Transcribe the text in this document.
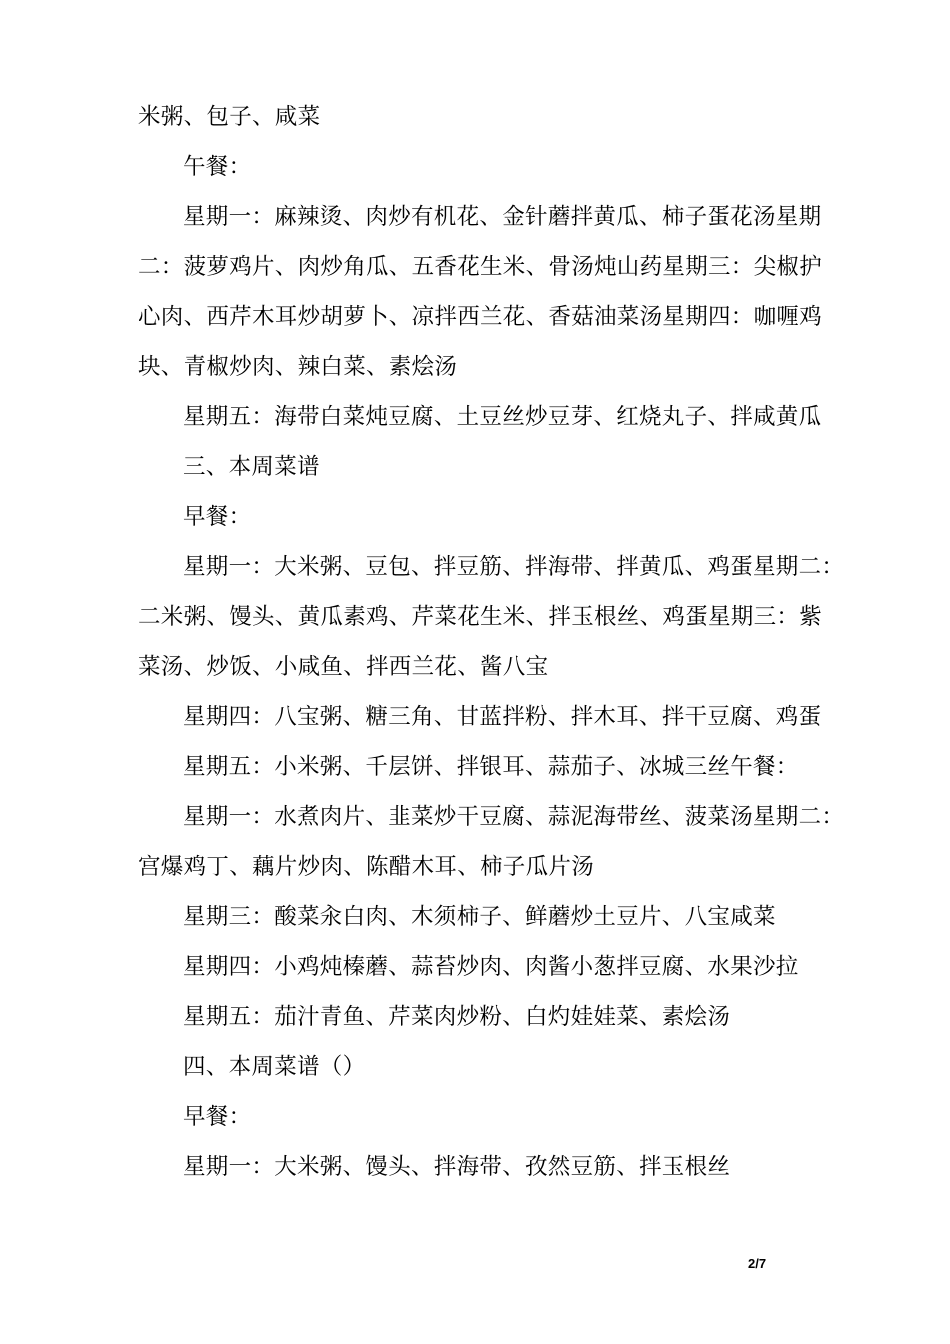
米粥、包子、咸菜
午餐：
星期一：麻辣烫、肉炒有机花、金针蘑拌黄瓜、柿子蛋花汤星期
二：菠萝鸡片、肉炒角瓜、五香花生米、骨汤炖山药星期三：尖椒护
心肉、西芹木耳炒胡萝卜、凉拌西兰花、香菇油菜汤星期四：咖喱鸡
块、青椒炒肉、辣白菜、素烩汤
星期五：海带白菜炖豆腐、土豆丝炒豆芽、红烧丸子、拌咸黄瓜
三、本周菜谱
早餐：
星期一：大米粥、豆包、拌豆筋、拌海带、拌黄瓜、鸡蛋星期二：
二米粥、馒头、黄瓜素鸡、芹菜花生米、拌玉根丝、鸡蛋星期三：紫
菜汤、炒饭、小咸鱼、拌西兰花、酱八宝
星期四：八宝粥、糖三角、甘蓝拌粉、拌木耳、拌干豆腐、鸡蛋
星期五：小米粥、千层饼、拌银耳、蒜茄子、冰城三丝午餐：
星期一：水煮肉片、韭菜炒干豆腐、蒜泥海带丝、菠菜汤星期二：
宫爆鸡丁、藕片炒肉、陈醋木耳、柿子瓜片汤
星期三：酸菜汆白肉、木须柿子、鲜蘑炒土豆片、八宝咸菜
星期四：小鸡炖榛蘑、蒜苔炒肉、肉酱小葱拌豆腐、水果沙拉
星期五：茄汁青鱼、芹菜肉炒粉、白灼娃娃菜、素烩汤
四、本周菜谱（）
早餐：
星期一：大米粥、馒头、拌海带、孜然豆筋、拌玉根丝
2/7
